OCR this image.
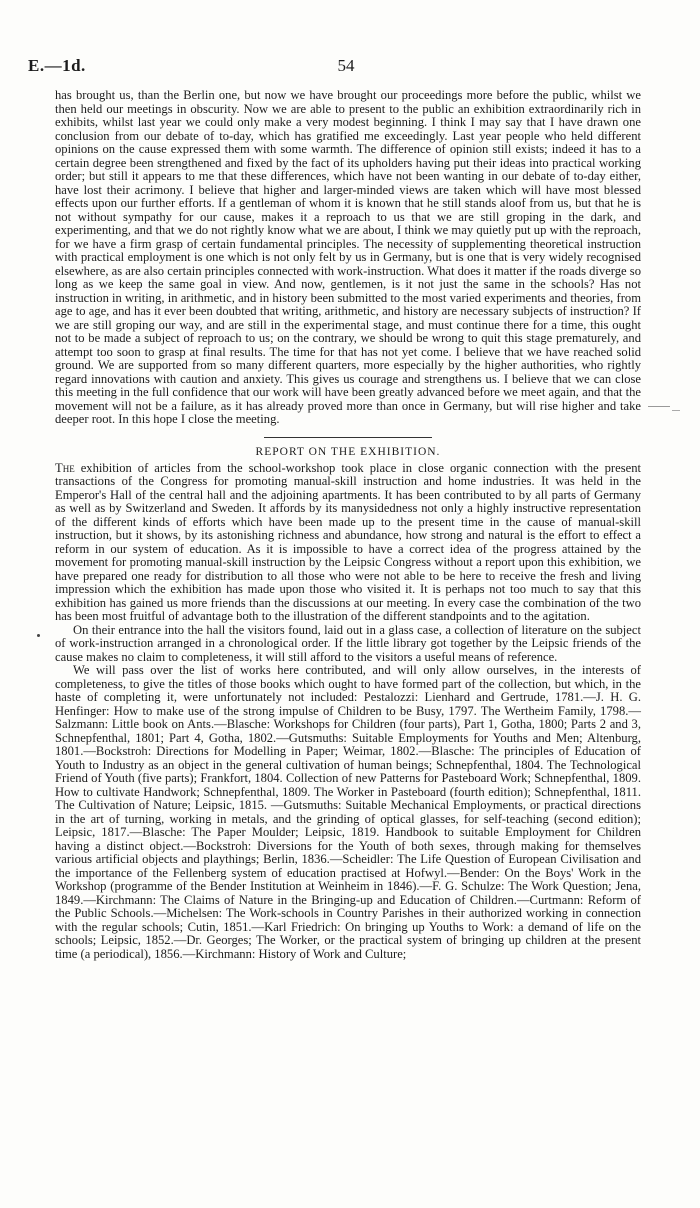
E.—1d.	54

has brought us, than the Berlin one, but now we have brought our proceedings more before the public, whilst we then held our meetings in obscurity. Now we are able to present to the public an exhibition extraordinarily rich in exhibits, whilst last year we could only make a very modest beginning. I think I may say that I have drawn one conclusion from our debate of to-day, which has gratified me exceedingly. Last year people who held different opinions on the cause expressed them with some warmth. The difference of opinion still exists; indeed it has to a certain degree been strengthened and fixed by the fact of its upholders having put their ideas into practical working order; but still it appears to me that these differences, which have not been wanting in our debate of to-day either, have lost their acrimony. I believe that higher and larger-minded views are taken which will have most blessed effects upon our further efforts. If a gentleman of whom it is known that he still stands aloof from us, but that he is not without sympathy for our cause, makes it a reproach to us that we are still groping in the dark, and experimenting, and that we do not rightly know what we are about, I think we may quietly put up with the reproach, for we have a firm grasp of certain fundamental principles. The necessity of supplementing theoretical instruction with practical employment is one which is not only felt by us in Germany, but is one that is very widely recognised elsewhere, as are also certain principles connected with work-instruction. What does it matter if the roads diverge so long as we keep the same goal in view. And now, gentlemen, is it not just the same in the schools? Has not instruction in writing, in arithmetic, and in history been submitted to the most varied experiments and theories, from age to age, and has it ever been doubted that writing, arithmetic, and history are necessary subjects of instruction? If we are still groping our way, and are still in the experimental stage, and must continue there for a time, this ought not to be made a subject of reproach to us; on the contrary, we should be wrong to quit this stage prematurely, and attempt too soon to grasp at final results. The time for that has not yet come. I believe that we have reached solid ground. We are supported from so many different quarters, more especially by the higher authorities, who rightly regard innovations with caution and anxiety. This gives us courage and strengthens us. I believe that we can close this meeting in the full confidence that our work will have been greatly advanced before we meet again, and that the movement will not be a failure, as it has already proved more than once in Germany, but will rise higher and take deeper root. In this hope I close the meeting.

REPORT ON THE EXHIBITION.

The exhibition of articles from the school-workshop took place in close organic connection with the present transactions of the Congress for promoting manual-skill instruction and home industries. It was held in the Emperor's Hall of the central hall and the adjoining apartments. It has been contributed to by all parts of Germany as well as by Switzerland and Sweden. It affords by its manysidedness not only a highly instructive representation of the different kinds of efforts which have been made up to the present time in the cause of manual-skill instruction, but it shows, by its astonishing richness and abundance, how strong and natural is the effort to effect a reform in our system of education. As it is impossible to have a correct idea of the progress attained by the movement for promoting manual-skill instruction by the Leipsic Congress without a report upon this exhibition, we have prepared one ready for distribution to all those who were not able to be here to receive the fresh and living impression which the exhibition has made upon those who visited it. It is perhaps not too much to say that this exhibition has gained us more friends than the discussions at our meeting. In every case the combination of the two has been most fruitful of advantage both to the illustration of the different standpoints and to the agitation.

On their entrance into the hall the visitors found, laid out in a glass case, a collection of literature on the subject of work-instruction arranged in a chronological order. If the little library got together by the Leipsic friends of the cause makes no claim to completeness, it will still afford to the visitors a useful means of reference.

We will pass over the list of works here contributed, and will only allow ourselves, in the interests of completeness, to give the titles of those books which ought to have formed part of the collection, but which, in the haste of completing it, were unfortunately not included: Pestalozzi: Lienhard and Gertrude, 1781.—J. H. G. Henfinger: How to make use of the strong impulse of Children to be Busy, 1797. The Wertheim Family, 1798.—Salzmann: Little book on Ants.—Blasche: Workshops for Children (four parts), Part 1, Gotha, 1800; Parts 2 and 3, Schnepfenthal, 1801; Part 4, Gotha, 1802.—Gutsmuths: Suitable Employments for Youths and Men; Altenburg, 1801.—Bockstroh: Directions for Modelling in Paper; Weimar, 1802.—Blasche: The principles of Education of Youth to Industry as an object in the general cultivation of human beings; Schnepfenthal, 1804. The Technological Friend of Youth (five parts); Frankfort, 1804. Collection of new Patterns for Pasteboard Work; Schnepfenthal, 1809. How to cultivate Handwork; Schnepfenthal, 1809. The Worker in Pasteboard (fourth edition); Schnepfenthal, 1811. The Cultivation of Nature; Leipsic, 1815. —Gutsmuths: Suitable Mechanical Employments, or practical directions in the art of turning, working in metals, and the grinding of optical glasses, for self-teaching (second edition); Leipsic, 1817.—Blasche: The Paper Moulder; Leipsic, 1819. Handbook to suitable Employment for Children having a distinct object.—Bockstroh: Diversions for the Youth of both sexes, through making for themselves various artificial objects and playthings; Berlin, 1836.—Scheidler: The Life Question of European Civilisation and the importance of the Fellenberg system of education practised at Hofwyl.—Bender: On the Boys' Work in the Workshop (programme of the Bender Institution at Weinheim in 1846).—F. G. Schulze: The Work Question; Jena, 1849.—Kirchmann: The Claims of Nature in the Bringing-up and Education of Children.—Curtmann: Reform of the Public Schools.—Michelsen: The Work-schools in Country Parishes in their authorized working in connection with the regular schools; Cutin, 1851.—Karl Friedrich: On bringing up Youths to Work: a demand of life on the schools; Leipsic, 1852.—Dr. Georges; The Worker, or the practical system of bringing up children at the present time (a periodical), 1856.—Kirchmann: History of Work and Culture;
